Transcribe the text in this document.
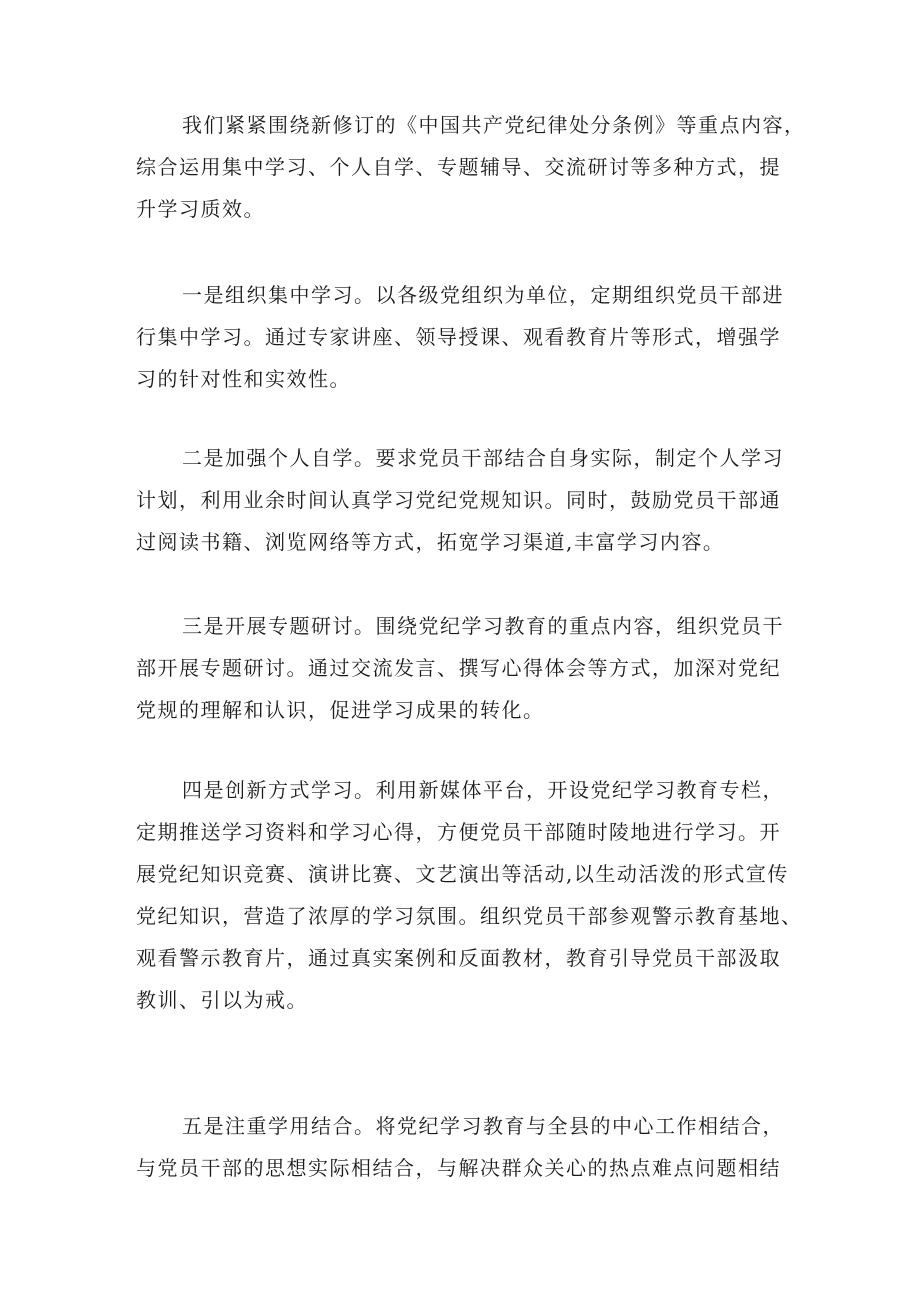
我们紧紧围绕新修订的《中国共产党纪律处分条例》等重点内容，
综合运用集中学习、个人自学、专题辅导、交流研讨等多种方式，提
升学习质效。
一是组织集中学习。以各级党组织为单位，定期组织党员干部进
行集中学习。通过专家讲座、领导授课、观看教育片等形式，增强学
习的针对性和实效性。
二是加强个人自学。要求党员干部结合自身实际，制定个人学习
计划，利用业余时间认真学习党纪党规知识。同时，鼓励党员干部通
过阅读书籍、浏览网络等方式，拓宽学习渠道,丰富学习内容。
三是开展专题研讨。围绕党纪学习教育的重点内容，组织党员干
部开展专题研讨。通过交流发言、撰写心得体会等方式，加深对党纪
党规的理解和认识，促进学习成果的转化。
四是创新方式学习。利用新媒体平台，开设党纪学习教育专栏，
定期推送学习资料和学习心得，方便党员干部随时陵地进行学习。开
展党纪知识竞赛、演讲比赛、文艺演出等活动,以生动活泼的形式宣传
党纪知识，营造了浓厚的学习氛围。组织党员干部参观警示教育基地、
观看警示教育片，通过真实案例和反面教材，教育引导党员干部汲取
教训、引以为戒。
五是注重学用结合。将党纪学习教育与全县的中心工作相结合，
与党员干部的思想实际相结合，与解决群众关心的热点难点问题相结
